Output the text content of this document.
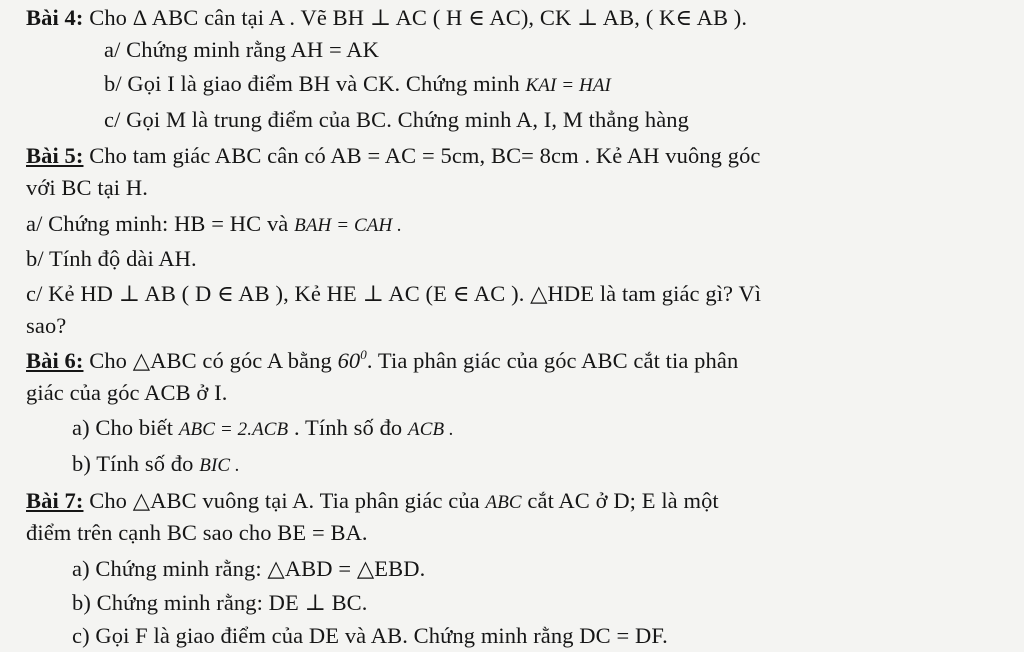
Bài 4: Cho Δ ABC cân tại A . Vẽ BH ⊥ AC ( H ∈ AC), CK ⊥ AB, ( K∈ AB ).
a/ Chứng minh rằng AH = AK
b/ Gọi I là giao điểm BH và CK. Chứng minh KAI = HAI
c/ Gọi M là trung điểm của BC. Chứng minh A, I, M thẳng hàng
Bài 5: Cho tam giác ABC cân có AB = AC = 5cm, BC= 8cm . Kẻ AH vuông góc
với BC tại H.
a/ Chứng minh: HB = HC và BAH = CAH .
b/ Tính độ dài AH.
c/ Kẻ HD ⊥ AB ( D ∈ AB ), Kẻ HE ⊥ AC (E ∈ AC ). △HDE là tam giác gì? Vì
sao?
Bài 6: Cho △ABC có góc A bằng $60^0$. Tia phân giác của góc ABC cắt tia phân
giác của góc ACB ở I.
a) Cho biết ABC = 2.ACB . Tính số đo ACB .
b) Tính số đo BIC .
Bài 7: Cho △ABC vuông tại A. Tia phân giác của ABC cắt AC ở D; E là một
điểm trên cạnh BC sao cho BE = BA.
a) Chứng minh rằng: △ABD = △EBD.
b) Chứng minh rằng: DE ⊥ BC.
c) Gọi F là giao điểm của DE và AB. Chứng minh rằng DC = DF.
